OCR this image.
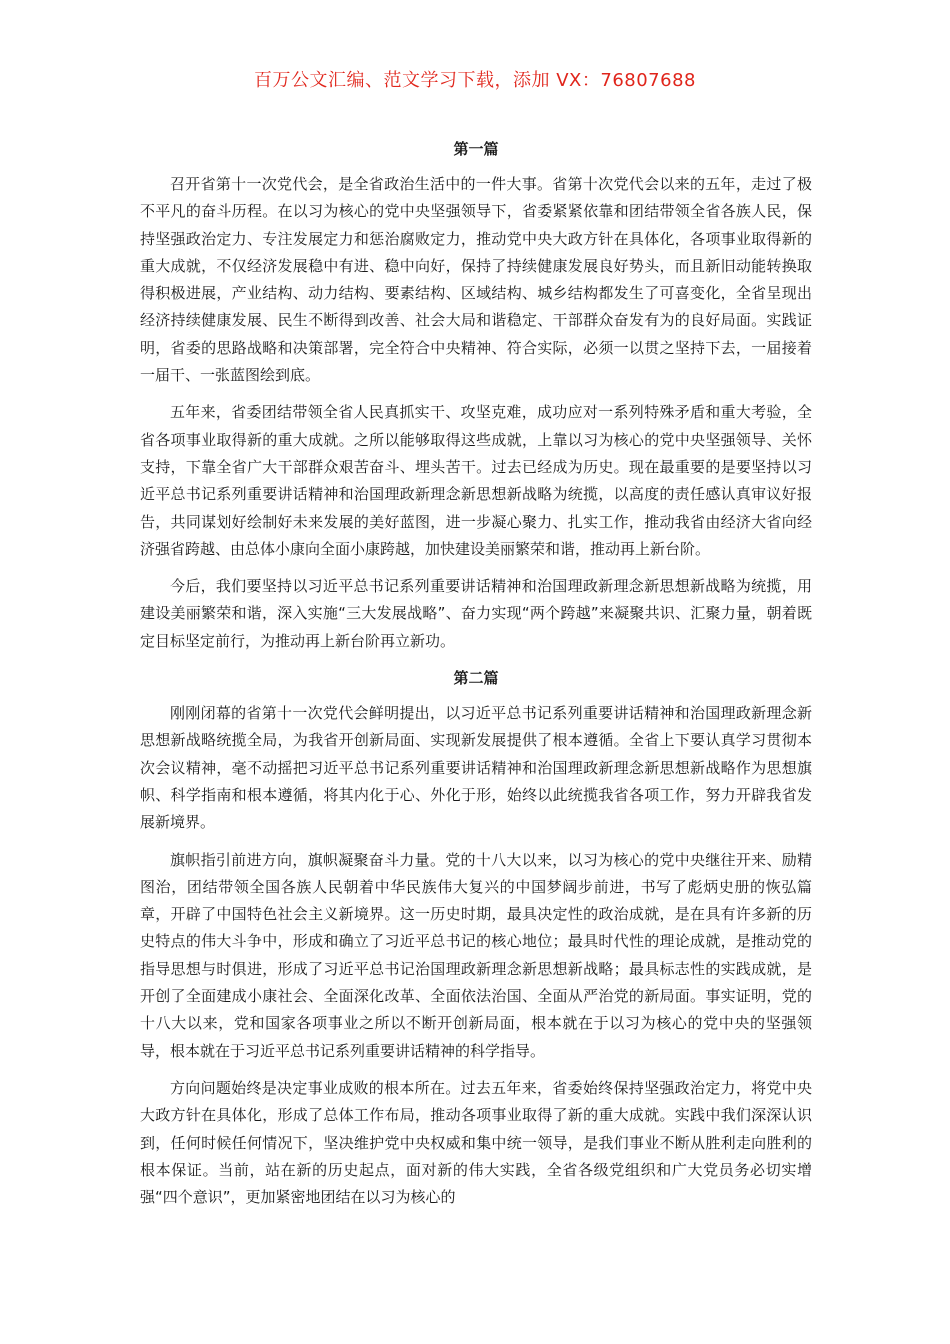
百万公文汇编、范文学习下载，添加 VX：76807688
第一篇

召开省第十一次党代会，是全省政治生活中的一件大事。省第十次党代会以来的五年，走过了极不平凡的奋斗历程。在以习为核心的党中央坚强领导下，省委紧紧依靠和团结带领全省各族人民，保持坚强政治定力、专注发展定力和惩治腐败定力，推动党中央大政方针在具体化，各项事业取得新的重大成就，不仅经济发展稳中有进、稳中向好，保持了持续健康发展良好势头，而且新旧动能转换取得积极进展，产业结构、动力结构、要素结构、区域结构、城乡结构都发生了可喜变化，全省呈现出经济持续健康发展、民生不断得到改善、社会大局和谐稳定、干部群众奋发有为的良好局面。实践证明，省委的思路战略和决策部署，完全符合中央精神、符合实际，必须一以贯之坚持下去，一届接着一届干、一张蓝图绘到底。

五年来，省委团结带领全省人民真抓实干、攻坚克难，成功应对一系列特殊矛盾和重大考验，全省各项事业取得新的重大成就。之所以能够取得这些成就，上靠以习为核心的党中央坚强领导、关怀支持，下靠全省广大干部群众艰苦奋斗、埋头苦干。过去已经成为历史。现在最重要的是要坚持以习近平总书记系列重要讲话精神和治国理政新理念新思想新战略为统揽，以高度的责任感认真审议好报告，共同谋划好绘制好未来发展的美好蓝图，进一步凝心聚力、扎实工作，推动我省由经济大省向经济强省跨越、由总体小康向全面小康跨越，加快建设美丽繁荣和谐，推动再上新台阶。

今后，我们要坚持以习近平总书记系列重要讲话精神和治国理政新理念新思想新战略为统揽，用建设美丽繁荣和谐，深入实施“三大发展战略”、奋力实现“两个跨越”来凝聚共识、汇聚力量，朝着既定目标坚定前行，为推动再上新台阶再立新功。

第二篇

刚刚闭幕的省第十一次党代会鲜明提出，以习近平总书记系列重要讲话精神和治国理政新理念新思想新战略统揽全局，为我省开创新局面、实现新发展提供了根本遵循。全省上下要认真学习贯彻本次会议精神，毫不动摇把习近平总书记系列重要讲话精神和治国理政新理念新思想新战略作为思想旗帜、科学指南和根本遵循，将其内化于心、外化于形，始终以此统揽我省各项工作，努力开辟我省发展新境界。

旗帜指引前进方向，旗帜凝聚奋斗力量。党的十八大以来，以习为核心的党中央继往开来、励精图治，团结带领全国各族人民朝着中华民族伟大复兴的中国梦阔步前进，书写了彪炳史册的恢弘篇章，开辟了中国特色社会主义新境界。这一历史时期，最具决定性的政治成就，是在具有许多新的历史特点的伟大斗争中，形成和确立了习近平总书记的核心地位；最具时代性的理论成就，是推动党的指导思想与时俱进，形成了习近平总书记治国理政新理念新思想新战略；最具标志性的实践成就，是开创了全面建成小康社会、全面深化改革、全面依法治国、全面从严治党的新局面。事实证明，党的十八大以来，党和国家各项事业之所以不断开创新局面，根本就在于以习为核心的党中央的坚强领导，根本就在于习近平总书记系列重要讲话精神的科学指导。

方向问题始终是决定事业成败的根本所在。过去五年来，省委始终保持坚强政治定力，将党中央大政方针在具体化，形成了总体工作布局，推动各项事业取得了新的重大成就。实践中我们深深认识到，任何时候任何情况下，坚决维护党中央权威和集中统一领导，是我们事业不断从胜利走向胜利的根本保证。当前，站在新的历史起点，面对新的伟大实践，全省各级党组织和广大党员务必切实增强“四个意识”，更加紧密地团结在以习为核心的
